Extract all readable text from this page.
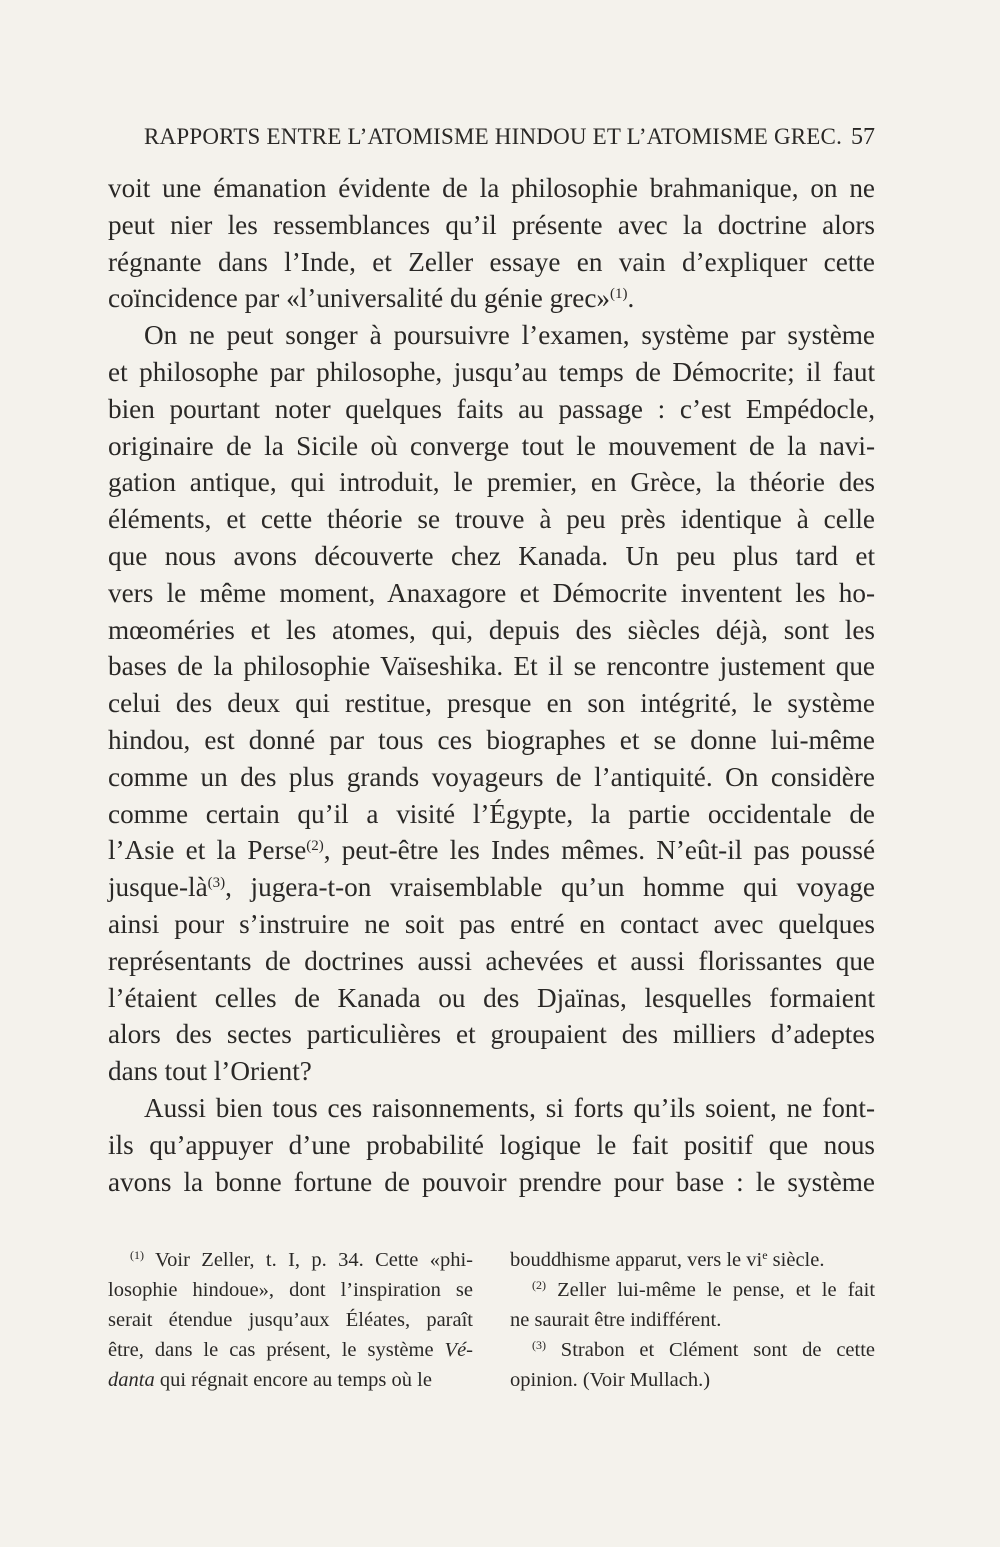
RAPPORTS ENTRE L’ATOMISME HINDOU ET L’ATOMISME GREC. 57
voit une émanation évidente de la philosophie brahmanique, on ne
peut nier les ressemblances qu’il présente avec la doctrine alors
régnante dans l’Inde, et Zeller essaye en vain d’expliquer cette
coïncidence par «l’universalité du génie grec»$^{(1)}$.
On ne peut songer à poursuivre l’examen, système par système
et philosophe par philosophe, jusqu’au temps de Démocrite; il faut
bien pourtant noter quelques faits au passage : c’est Empédocle,
originaire de la Sicile où converge tout le mouvement de la navi-
gation antique, qui introduit, le premier, en Grèce, la théorie des
éléments, et cette théorie se trouve à peu près identique à celle
que nous avons découverte chez Kanada. Un peu plus tard et
vers le même moment, Anaxagore et Démocrite inventent les ho-
mœoméries et les atomes, qui, depuis des siècles déjà, sont les
bases de la philosophie Vaïseshika. Et il se rencontre justement que
celui des deux qui restitue, presque en son intégrité, le système
hindou, est donné par tous ces biographes et se donne lui-même
comme un des plus grands voyageurs de l’antiquité. On considère
comme certain qu’il a visité l’Égypte, la partie occidentale de
l’Asie et la Perse$^{(2)}$, peut-être les Indes mêmes. N’eût-il pas poussé
jusque-là$^{(3)}$, jugera-t-on vraisemblable qu’un homme qui voyage
ainsi pour s’instruire ne soit pas entré en contact avec quelques
représentants de doctrines aussi achevées et aussi florissantes que
l’étaient celles de Kanada ou des Djaïnas, lesquelles formaient
alors des sectes particulières et groupaient des milliers d’adeptes
dans tout l’Orient?
Aussi bien tous ces raisonnements, si forts qu’ils soient, ne font-
ils qu’appuyer d’une probabilité logique le fait positif que nous
avons la bonne fortune de pouvoir prendre pour base : le système
$^{(1)}$ Voir Zeller, t. I, p. 34. Cette «phi-
losophie hindoue», dont l’inspiration se
serait étendue jusqu’aux Éléates, paraît
être, dans le cas présent, le système Vé-
danta qui régnait encore au temps où le
bouddhisme apparut, vers le vi$^e$ siècle.
$^{(2)}$ Zeller lui-même le pense, et le fait
ne saurait être indifférent.
$^{(3)}$ Strabon et Clément sont de cette
opinion. (Voir Mullach.)
